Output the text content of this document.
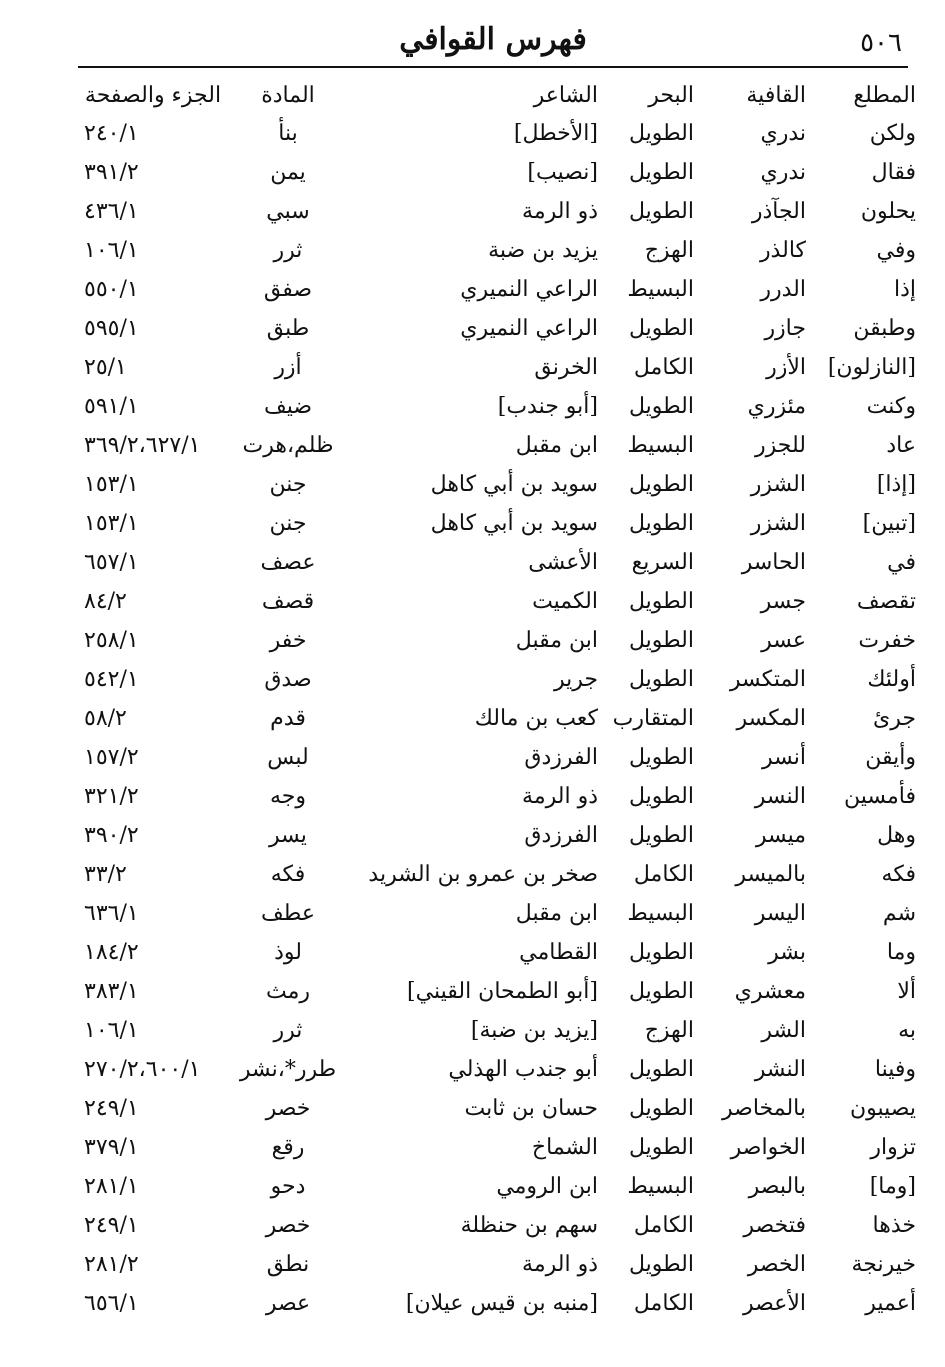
فهرس القوافي	٥٠٦
المطلع	القافية	البحر	الشاعر	المادة	الجزء والصفحة
ولكن	ندري	الطويل	[الأخطل]	بنأ	٢٤٠/١
فقال	ندري	الطويل	[نصيب]	يمن	٣٩١/٢
يحلون	الجآذر	الطويل	ذو الرمة	سبي	٤٣٦/١
وفي	كالذر	الهزج	يزيد بن ضبة	ثرر	١٠٦/١
إذا	الدرر	البسيط	الراعي النميري	صفق	٥٥٠/١
وطبقن	جازر	الطويل	الراعي النميري	طبق	٥٩٥/١
[النازلون]	الأزر	الكامل	الخرنق	أزر	٢٥/١
وكنت	مئزري	الطويل	[أبو جندب]	ضيف	٥٩١/١
عاد	للجزر	البسيط	ابن مقبل	ظلم،هرت	٣٦٩/٢،٦٢٧/١
[إذا]	الشزر	الطويل	سويد بن أبي كاهل	جنن	١٥٣/١
[تبين]	الشزر	الطويل	سويد بن أبي كاهل	جنن	١٥٣/١
في	الحاسر	السريع	الأعشى	عصف	٦٥٧/١
تقصف	جسر	الطويل	الكميت	قصف	٨٤/٢
خفرت	عسر	الطويل	ابن مقبل	خفر	٢٥٨/١
أولئك	المتكسر	الطويل	جرير	صدق	٥٤٢/١
جرئ	المكسر	المتقارب	كعب بن مالك	قدم	٥٨/٢
وأيقن	أنسر	الطويل	الفرزدق	لبس	١٥٧/٢
فأمسين	النسر	الطويل	ذو الرمة	وجه	٣٢١/٢
وهل	ميسر	الطويل	الفرزدق	يسر	٣٩٠/٢
فكه	بالميسر	الكامل	صخر بن عمرو بن الشريد	فكه	٣٣/٢
شم	اليسر	البسيط	ابن مقبل	عطف	٦٣٦/١
وما	بشر	الطويل	القطامي	لوذ	١٨٤/٢
ألا	معشري	الطويل	[أبو الطمحان القيني]	رمث	٣٨٣/١
به	الشر	الهزج	[يزيد بن ضبة]	ثرر	١٠٦/١
وفينا	النشر	الطويل	أبو جندب الهذلي	طرر*،نشر	٢٧٠/٢،٦٠٠/١
يصيبون	بالمخاصر	الطويل	حسان بن ثابت	خصر	٢٤٩/١
تزوار	الخواصر	الطويل	الشماخ	رقع	٣٧٩/١
[وما]	بالبصر	البسيط	ابن الرومي	دحو	٢٨١/١
خذها	فتخصر	الكامل	سهم بن حنظلة	خصر	٢٤٩/١
خيرنجة	الخصر	الطويل	ذو الرمة	نطق	٢٨١/٢
أعمير	الأعصر	الكامل	[منبه بن قيس عيلان]	عصر	٦٥٦/١
